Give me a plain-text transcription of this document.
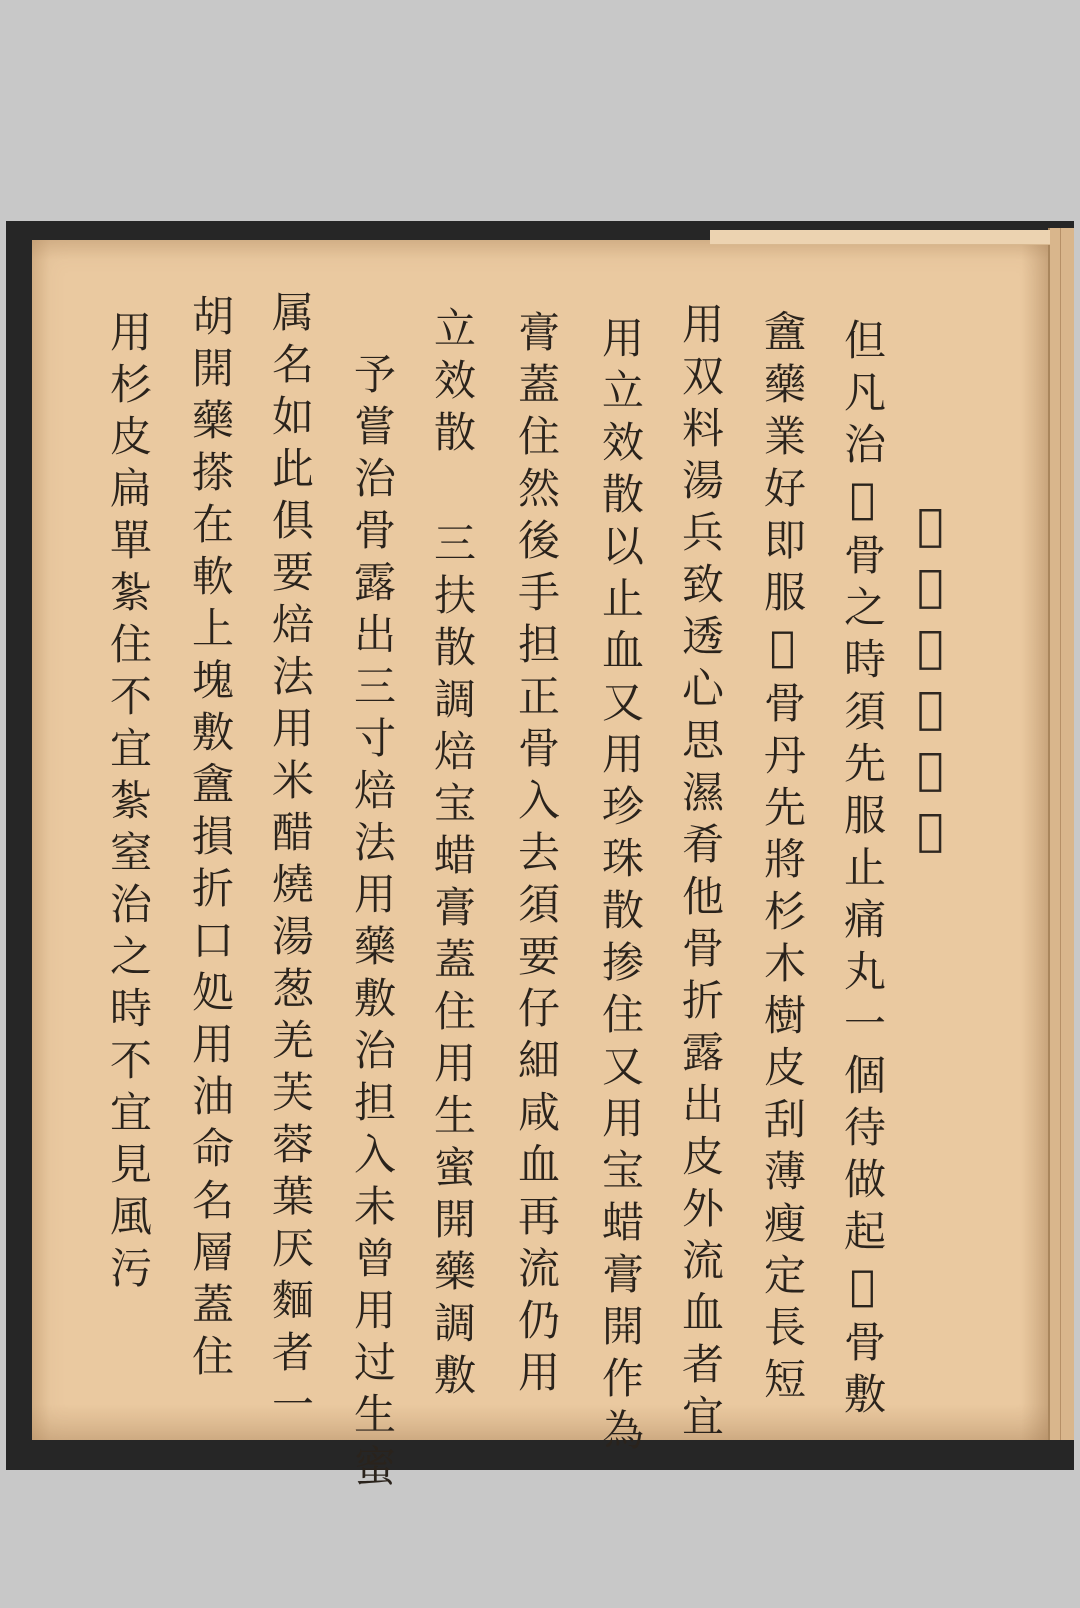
𨈱續筋骨法論
但凡治𨈱骨之時須先服止痛丸一個待做起𨈱骨敷
盦藥業好即服𨈱骨丹先將杉木樹皮刮薄瘦定長短
用双料湯兵致透心思濕肴他骨折露出皮外流血者宜
用立效散以止血又用珍珠散掺住又用宝蜡膏開作為
膏蓋住然後手担正骨入去須要仔細咸血再流仍用
立效散 三扶散調焙宝蜡膏蓋住用生蜜開藥調敷
予嘗治骨露出三寸焙法用藥敷治担入未曾用过生蜜
属名如此俱要焙法用米醋燒湯葱羌芙蓉葉厌麵者一
胡開藥搽在軟上塊敷盦損折口処用油命名層蓋住
用杉皮扁單紮住不宜紮窒治之時不宜見風污
